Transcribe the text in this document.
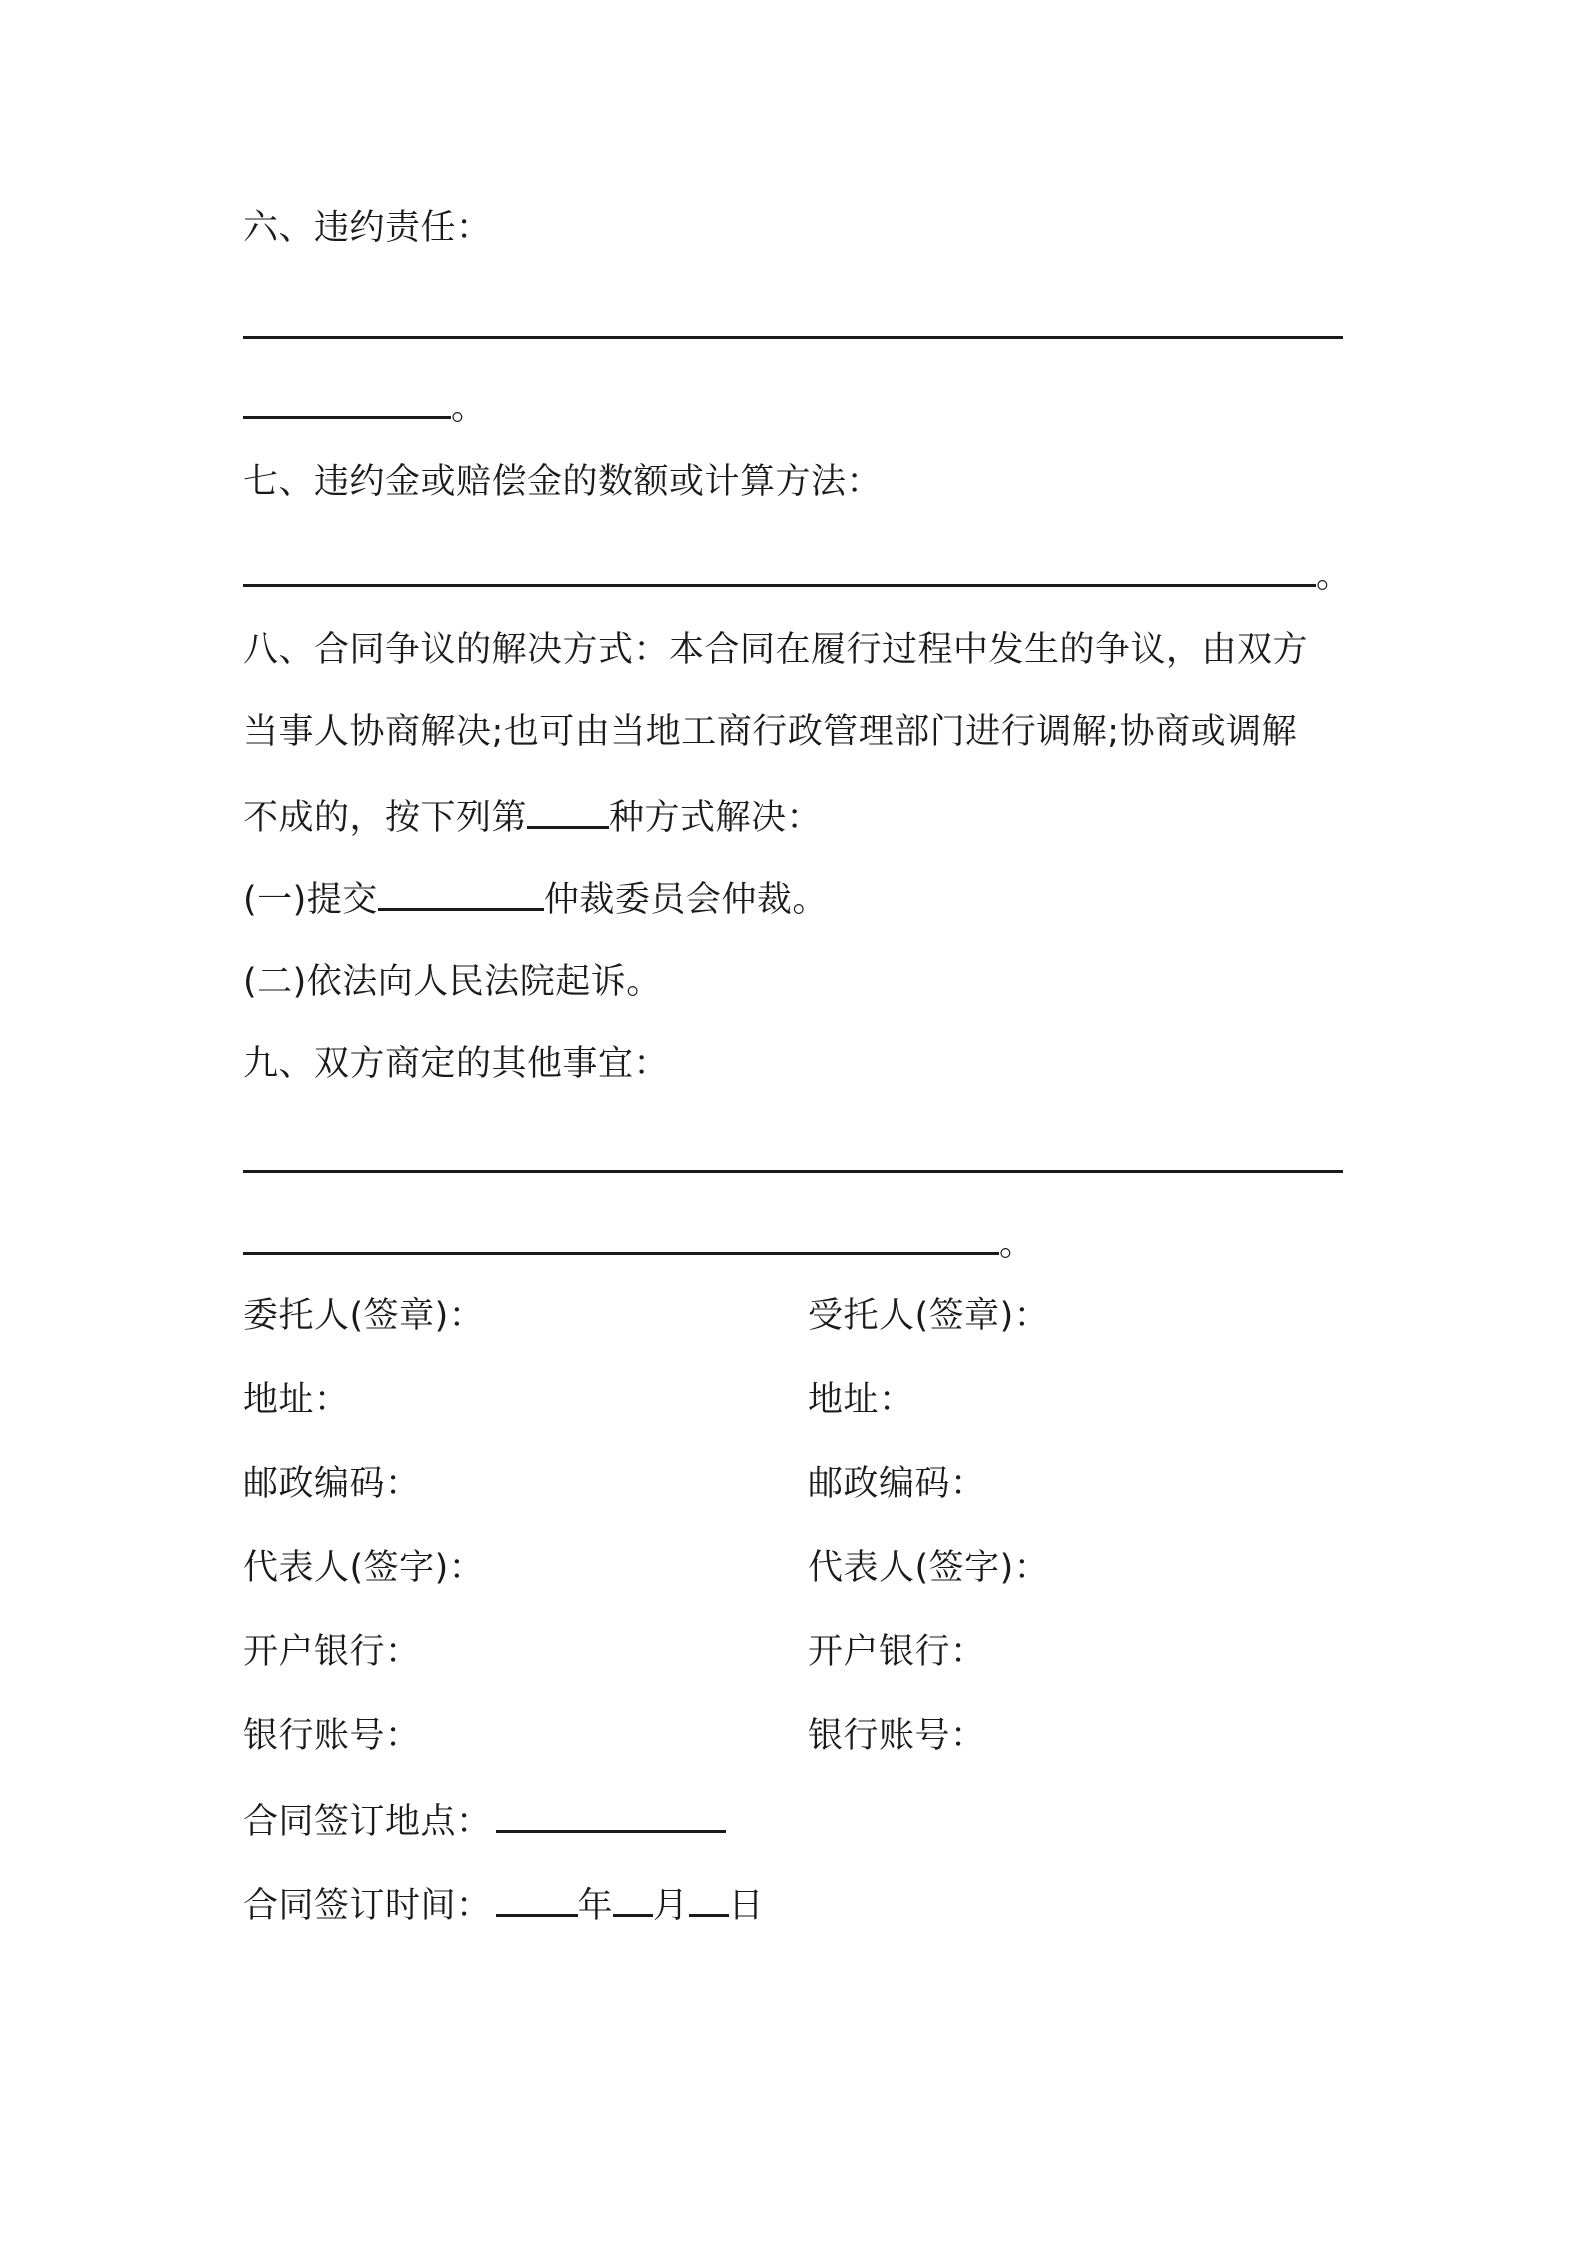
六、违约责任：
。
七、违约金或赔偿金的数额或计算方法：
。
八、合同争议的解决方式：本合同在履行过程中发生的争议，由双方
当事人协商解决;也可由当地工商行政管理部门进行调解;协商或调解
不成的，按下列第 种方式解决：
(一)提交	仲裁委员会仲裁。
(二)依法向人民法院起诉。
九、双方商定的其他事宜：
。
委托人(签章)：	受托人(签章)：
地址：	地址：
邮政编码：	邮政编码：
代表人(签字)：	代表人(签字)：
开户银行：	开户银行：
银行账号：	银行账号：
合同签订地点：
合同签订时间： 年 月 日
